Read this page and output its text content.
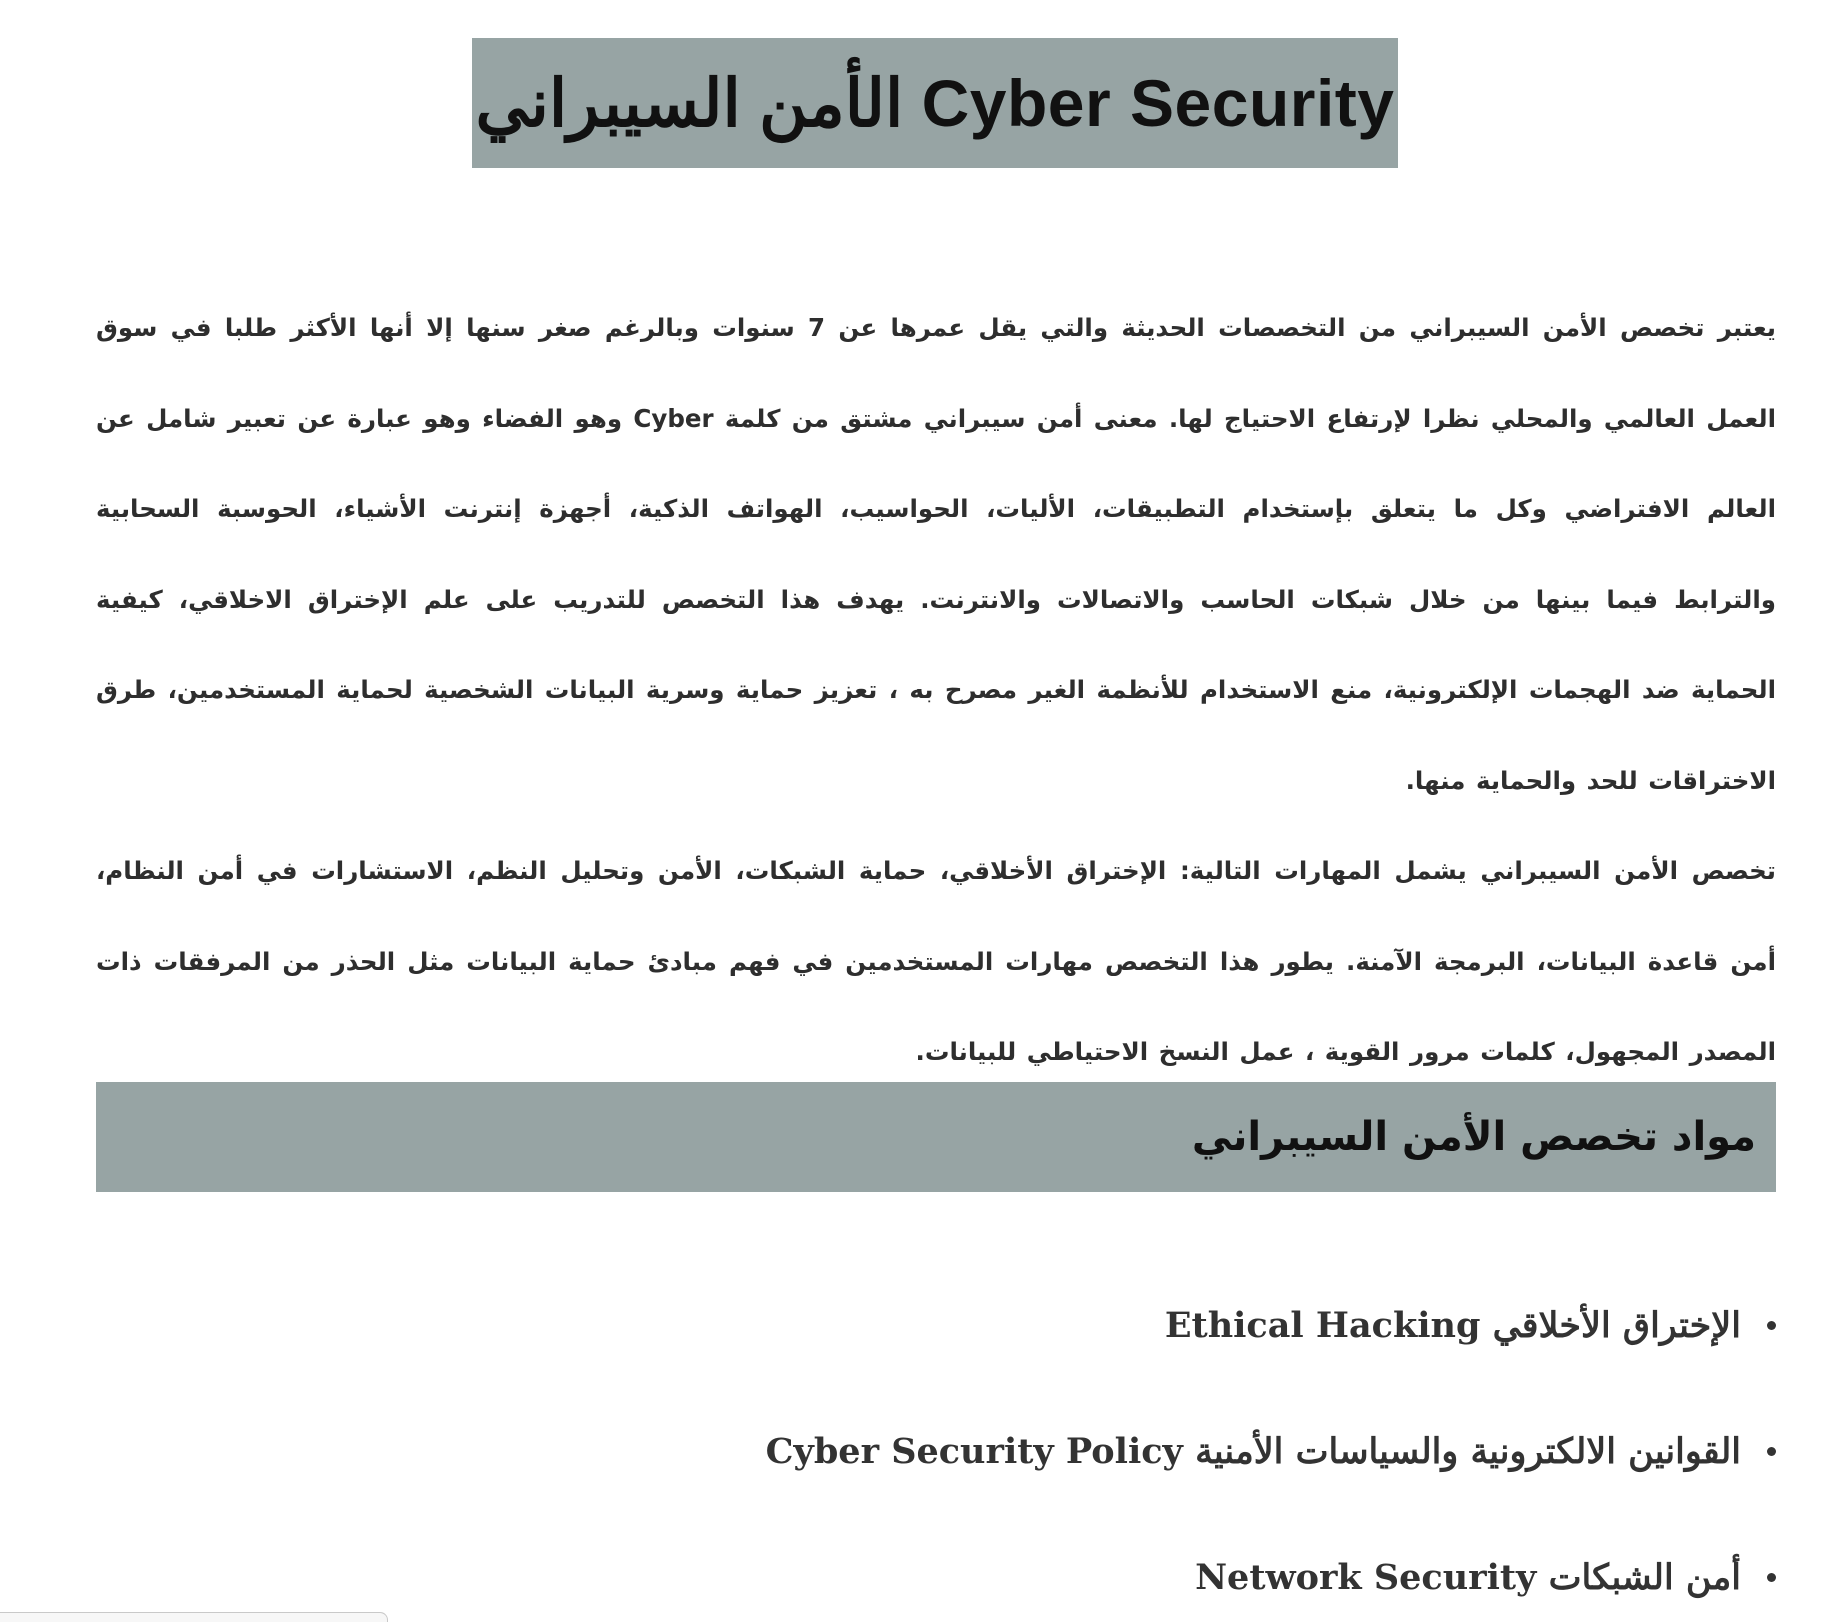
الأمن السيبراني Cyber Security

يعتبر تخصص الأمن السيبراني من التخصصات الحديثة والتي يقل عمرها عن 7 سنوات وبالرغم صغر سنها إلا أنها الأكثر طلبا في سوق العمل العالمي والمحلي نظرا لإرتفاع الاحتياج لها. معنى أمن سيبراني مشتق من كلمة Cyber وهو الفضاء وهو عبارة عن تعبير شامل عن العالم الافتراضي وكل ما يتعلق بإستخدام التطبيقات، الأليات، الحواسيب، الهواتف الذكية، أجهزة إنترنت الأشياء، الحوسبة السحابية والترابط فيما بينها من خلال شبكات الحاسب والاتصالات والانترنت. يهدف هذا التخصص للتدريب على علم الإختراق الاخلاقي، كيفية الحماية ضد الهجمات الإلكترونية، منع الاستخدام للأنظمة الغير مصرح به ، تعزيز حماية وسرية البيانات الشخصية لحماية المستخدمين، طرق الاختراقات للحد والحماية منها.

تخصص الأمن السيبراني يشمل المهارات التالية: الإختراق الأخلاقي، حماية الشبكات، الأمن وتحليل النظم، الاستشارات في أمن النظام، أمن قاعدة البيانات، البرمجة الآمنة. يطور هذا التخصص مهارات المستخدمين في فهم مبادئ حماية البيانات مثل الحذر من المرفقات ذات المصدر المجهول، كلمات مرور القوية ، عمل النسخ الاحتياطي للبيانات.

مواد تخصص الأمن السيبراني
الإختراق الأخلاقي Ethical Hacking
القوانين الالكترونية والسياسات الأمنية Cyber Security Policy
أمن الشبكات Network Security
